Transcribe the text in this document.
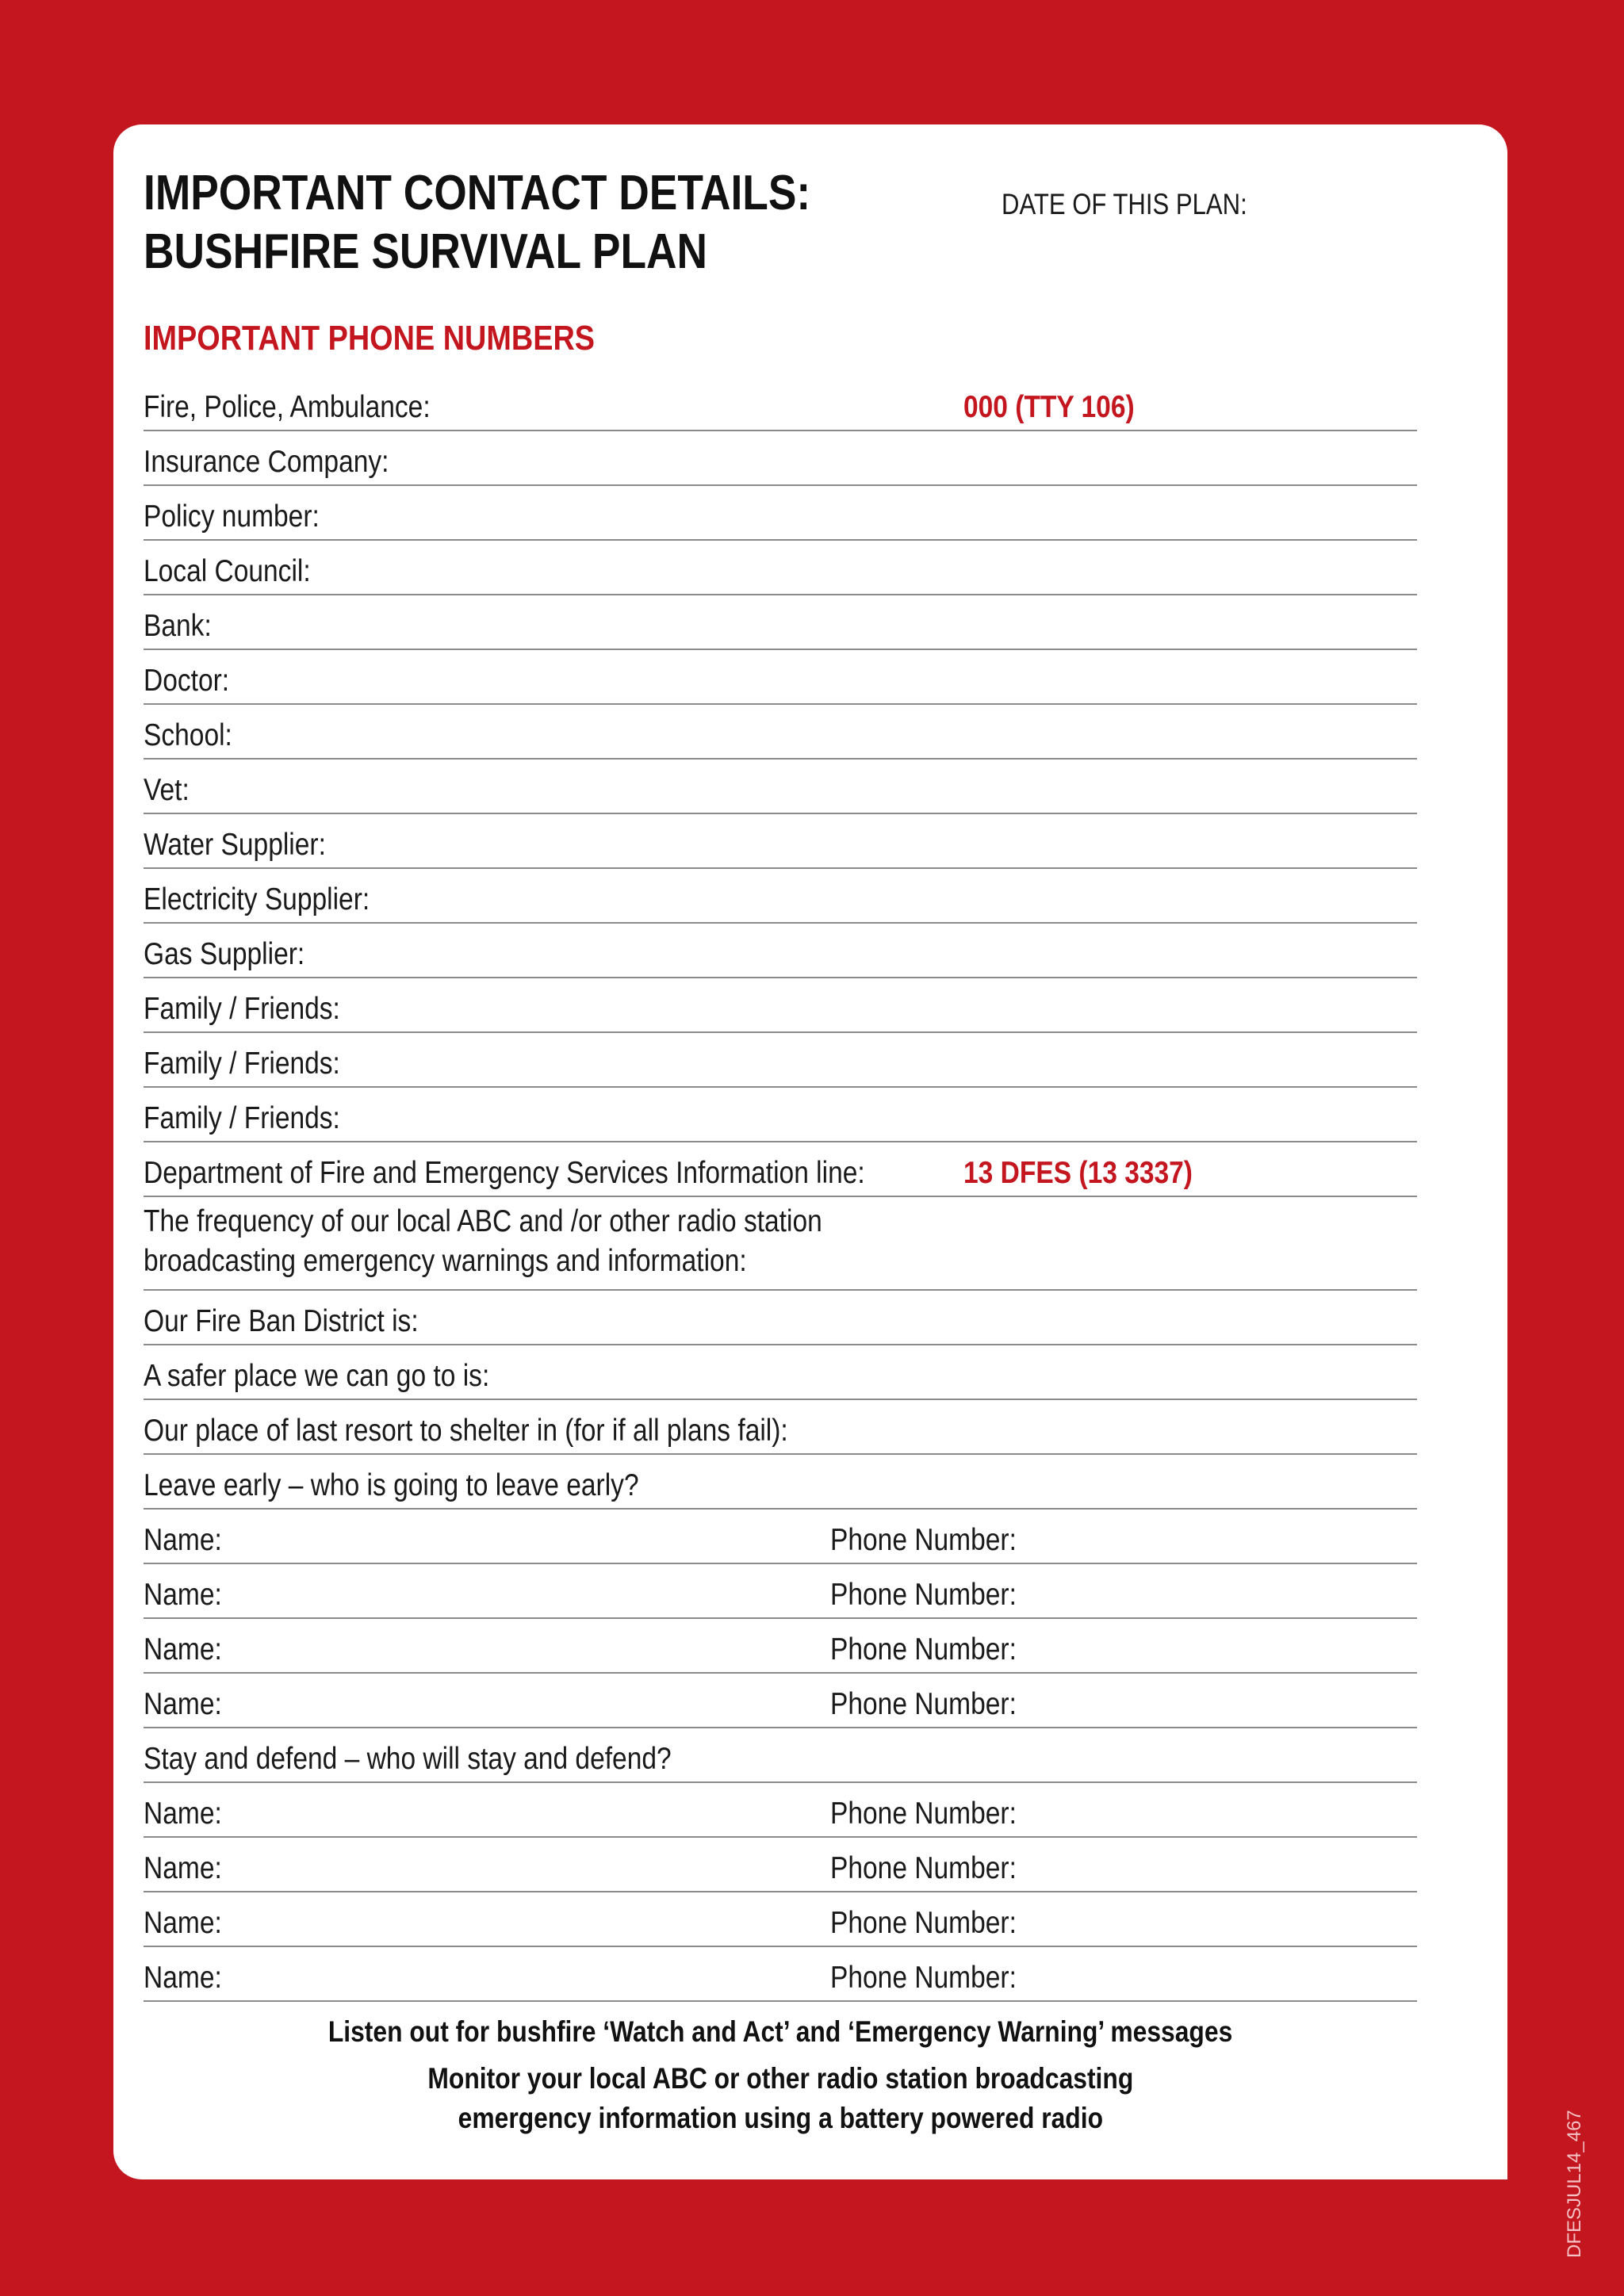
IMPORTANT CONTACT DETAILS:
BUSHFIRE SURVIVAL PLAN
DATE OF THIS PLAN:
IMPORTANT PHONE NUMBERS
Fire, Police, Ambulance:	000 (TTY 106)
Insurance Company:
Policy number:
Local Council:
Bank:
Doctor:
School:
Vet:
Water Supplier:
Electricity Supplier:
Gas Supplier:
Family / Friends:
Family / Friends:
Family / Friends:
Department of Fire and Emergency Services Information line:	13 DFES (13 3337)
The frequency of our local ABC and /or other radio station
broadcasting emergency warnings and information:
Our Fire Ban District is:
A safer place we can go to is:
Our place of last resort to shelter in (for if all plans fail):
Leave early – who is going to leave early?
Name:	Phone Number:
Name:	Phone Number:
Name:	Phone Number:
Name:	Phone Number:
Stay and defend – who will stay and defend?
Name:	Phone Number:
Name:	Phone Number:
Name:	Phone Number:
Name:	Phone Number:
Listen out for bushfire ‘Watch and Act’ and ‘Emergency Warning’ messages

Monitor your local ABC or other radio station broadcasting
emergency information using a battery powered radio	DFESJUL14_467
